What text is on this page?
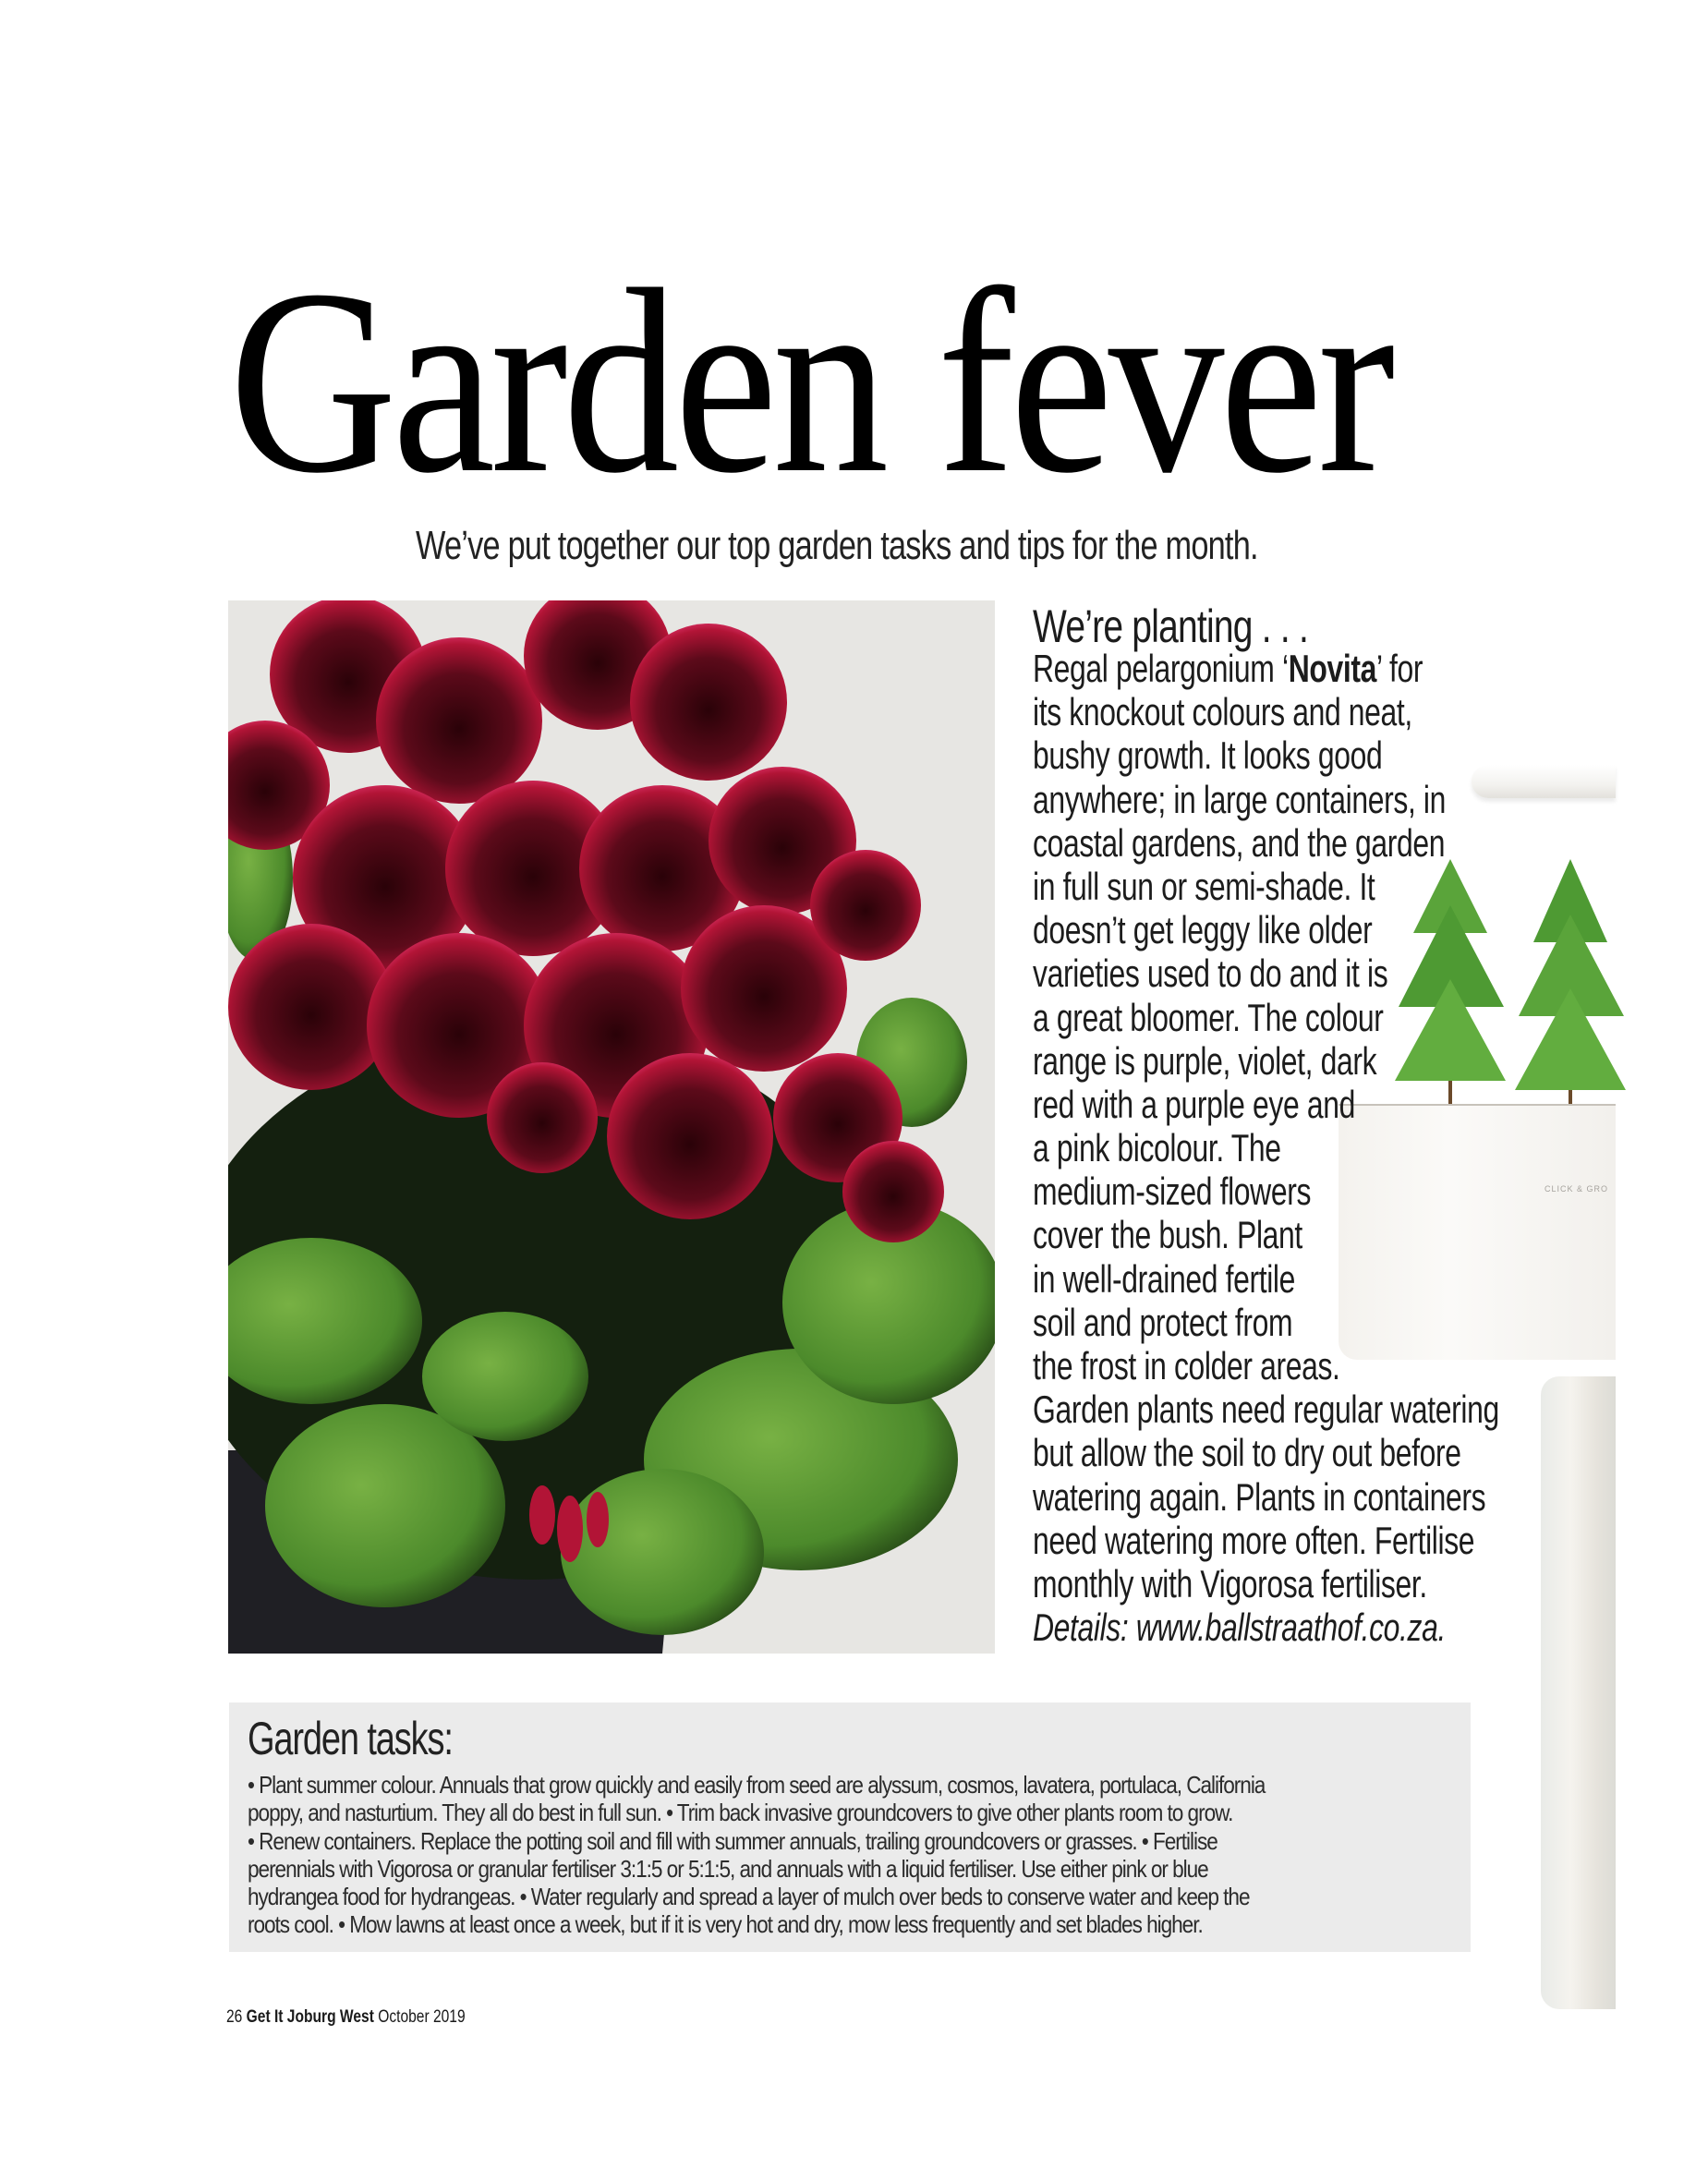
Garden fever
We’ve put together our top garden tasks and tips for the month.
CLICK & GRO
We’re planting . . .
Regal pelargonium ‘Novita’ for
its knockout colours and neat,
bushy growth. It looks good
anywhere; in large containers, in
coastal gardens, and the garden
in full sun or semi-shade. It
doesn’t get leggy like older
varieties used to do and it is
a great bloomer. The colour
range is purple, violet, dark
red with a purple eye and
a pink bicolour. The
medium-sized flowers
cover the bush. Plant
in well-drained fertile
soil and protect from
the frost in colder areas.
Garden plants need regular watering
but allow the soil to dry out before
watering again. Plants in containers
need watering more often. Fertilise
monthly with Vigorosa fertiliser.
Details: www.ballstraathof.co.za.
Garden tasks:
• Plant summer colour. Annuals that grow quickly and easily from seed are alyssum, cosmos, lavatera, portulaca, California
poppy, and nasturtium. They all do best in full sun. • Trim back invasive groundcovers to give other plants room to grow.
• Renew containers. Replace the potting soil and fill with summer annuals, trailing groundcovers or grasses. • Fertilise
perennials with Vigorosa or granular fertiliser 3:1:5 or 5:1:5, and annuals with a liquid fertiliser. Use either pink or blue
hydrangea food for hydrangeas. • Water regularly and spread a layer of mulch over beds to conserve water and keep the
roots cool. • Mow lawns at least once a week, but if it is very hot and dry, mow less frequently and set blades higher.
26 Get It Joburg West October 2019
